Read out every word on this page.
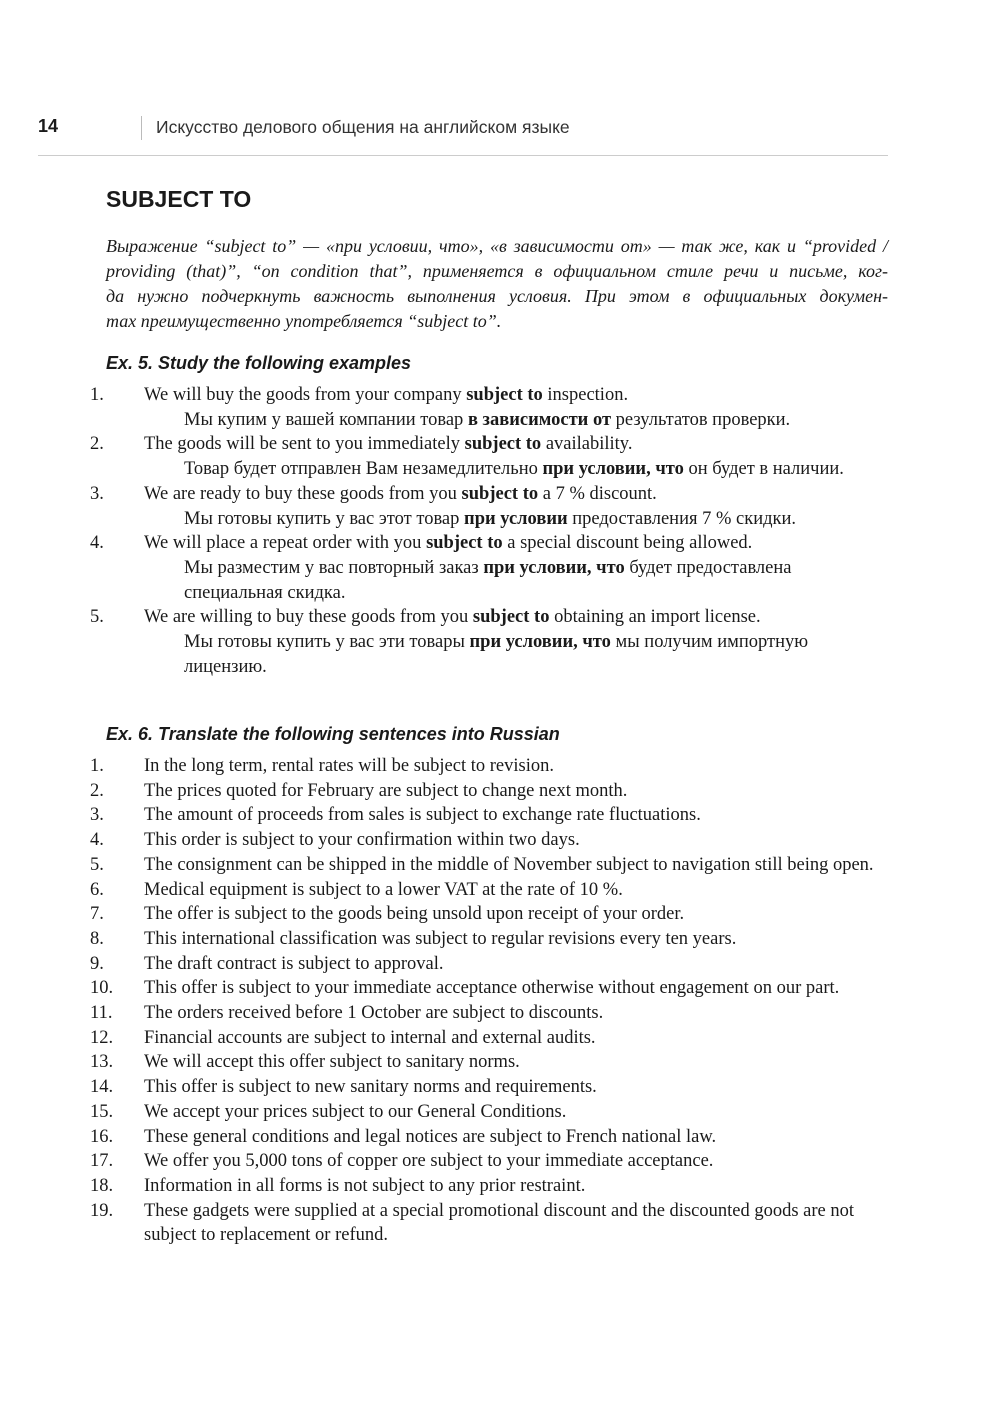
14	Искусство делового общения на английском языке
SUBJECT TO
Выражение “subject to” — «при условии, что», «в зависимости от» — так же, как и “provided /
providing (that)”, “on condition that”, применяется в официальном стиле речи и письме, ког-
да нужно подчеркнуть важность выполнения условия. При этом в официальных докумен-
тах преимущественно употребляется “subject to”.
Ex. 5. Study the following examples
1.	We will buy the goods from your company subject to inspection.
Мы купим у вашей компании товар в зависимости от результатов проверки.
2.	The goods will be sent to you immediately subject to availability.
Товар будет отправлен Вам незамедлительно при условии, что он будет в наличии.
3.	We are ready to buy these goods from you subject to a 7 % discount.
Мы готовы купить у вас этот товар при условии предоставления 7 % скидки.
4.	We will place a repeat order with you subject to a special discount being allowed.
Мы разместим у вас повторный заказ при условии, что будет предоставлена специальная скидка.
5.	We are willing to buy these goods from you subject to obtaining an import license.
Мы готовы купить у вас эти товары при условии, что мы получим импортную лицензию.
Ex. 6. Translate the following sentences into Russian
1.	In the long term, rental rates will be subject to revision.
2.	The prices quoted for February are subject to change next month.
3.	The amount of proceeds from sales is subject to exchange rate fluctuations.
4.	This order is subject to your confirmation within two days.
5.	The consignment can be shipped in the middle of November subject to navigation still being open.
6.	Medical equipment is subject to a lower VAT at the rate of 10 %.
7.	The offer is subject to the goods being unsold upon receipt of your order.
8.	This international classification was subject to regular revisions every ten years.
9.	The draft contract is subject to approval.
10.	This offer is subject to your immediate acceptance otherwise without engagement on our part.
11.	The orders received before 1 October are subject to discounts.
12.	Financial accounts are subject to internal and external audits.
13.	We will accept this offer subject to sanitary norms.
14.	This offer is subject to new sanitary norms and requirements.
15.	We accept your prices subject to our General Conditions.
16.	These general conditions and legal notices are subject to French national law.
17.	We offer you 5,000 tons of copper ore subject to your immediate acceptance.
18.	Information in all forms is not subject to any prior restraint.
19.	These gadgets were supplied at a special promotional discount and the discounted goods are not subject to replacement or refund.
